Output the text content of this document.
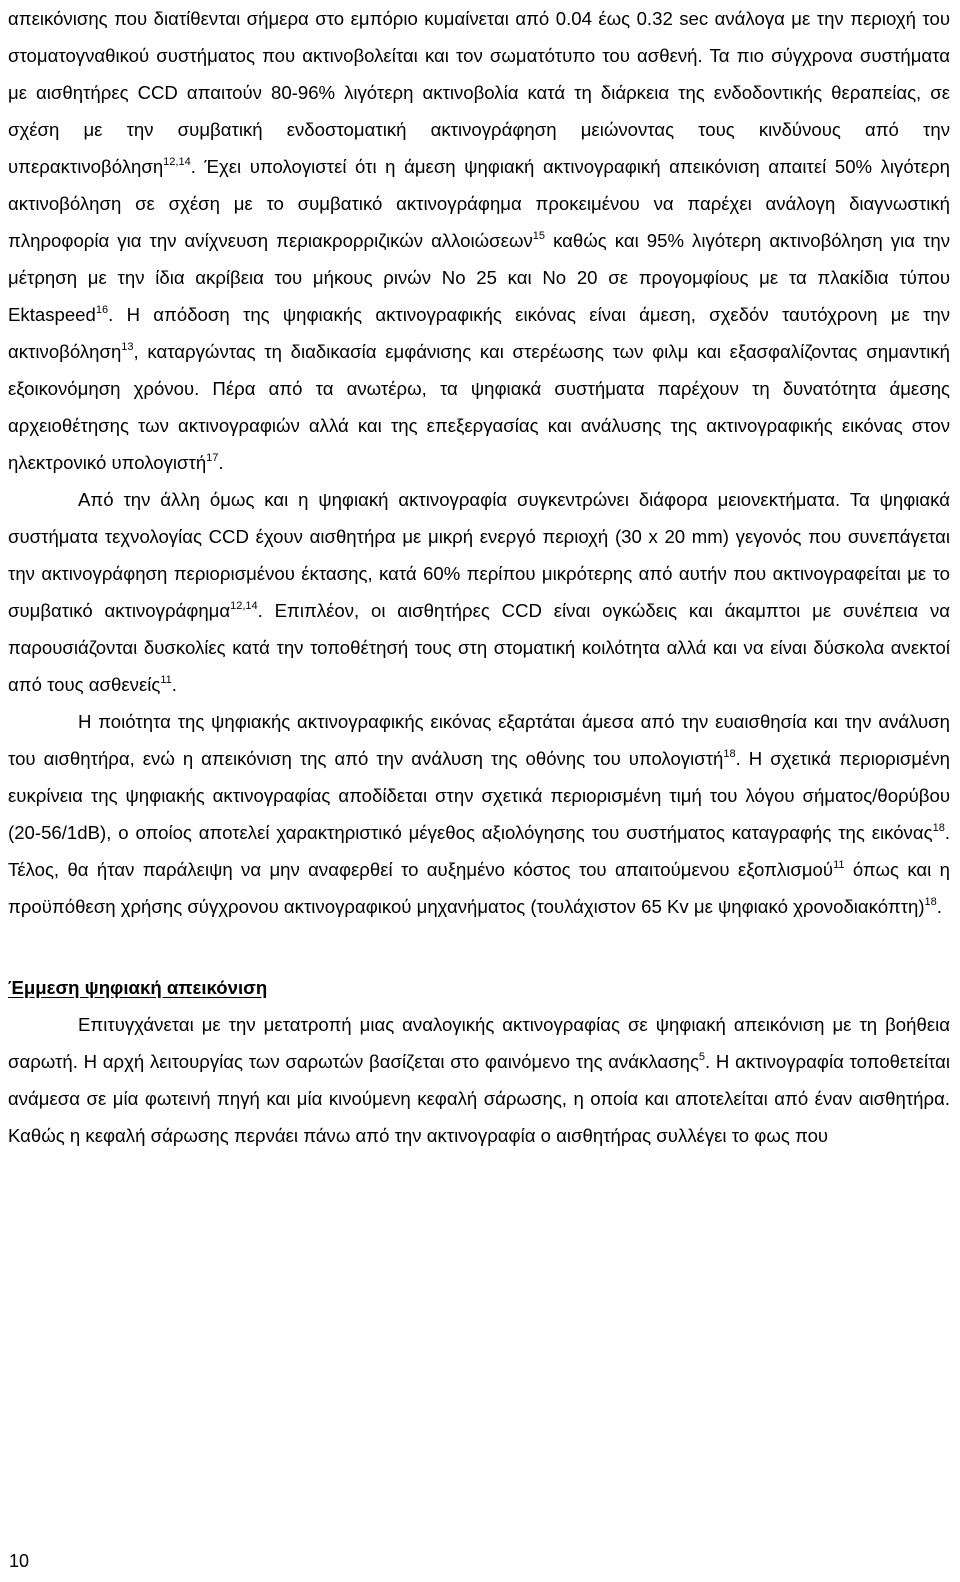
απεικόνισης που διατίθενται σήμερα στο εμπόριο κυμαίνεται από 0.04 έως 0.32 sec ανάλογα με την περιοχή του στοματογναθικού συστήματος που ακτινοβολείται και τον σωματότυπο του ασθενή. Τα πιο σύγχρονα συστήματα με αισθητήρες CCD απαιτούν 80-96% λιγότερη ακτινοβολία κατά τη διάρκεια της ενδοδοντικής θεραπείας, σε σχέση με την συμβατική ενδοστοματική ακτινογράφηση μειώνοντας τους κινδύνους από την υπερακτινοβόληση$^{12,14}$. Έχει υπολογιστεί ότι η άμεση ψηφιακή ακτινογραφική απεικόνιση απαιτεί 50% λιγότερη ακτινοβόληση σε σχέση με το συμβατικό ακτινογράφημα προκειμένου να παρέχει ανάλογη διαγνωστική πληροφορία για την ανίχνευση περιακρορριζικών αλλοιώσεων$^{15}$ καθώς και 95% λιγότερη ακτινοβόληση για την μέτρηση με την ίδια ακρίβεια του μήκους ρινών No 25 και No 20 σε προγομφίους με τα πλακίδια τύπου Ektaspeed$^{16}$. Η απόδοση της ψηφιακής ακτινογραφικής εικόνας είναι άμεση, σχεδόν ταυτόχρονη με την ακτινοβόληση$^{13}$, καταργώντας τη διαδικασία εμφάνισης και στερέωσης των φιλμ και εξασφαλίζοντας σημαντική εξοικονόμηση χρόνου. Πέρα από τα ανωτέρω, τα ψηφιακά συστήματα παρέχουν τη δυνατότητα άμεσης αρχειοθέτησης των ακτινογραφιών αλλά και της επεξεργασίας και ανάλυσης της ακτινογραφικής εικόνας στον ηλεκτρονικό υπολογιστή$^{17}$.

Από την άλλη όμως και η ψηφιακή ακτινογραφία συγκεντρώνει διάφορα μειονεκτήματα. Τα ψηφιακά συστήματα τεχνολογίας CCD έχουν αισθητήρα με μικρή ενεργό περιοχή (30 x 20 mm) γεγονός που συνεπάγεται την ακτινογράφηση περιορισμένου έκτασης, κατά 60% περίπου μικρότερης από αυτήν που ακτινογραφείται με το συμβατικό ακτινογράφημα$^{12,14}$. Επιπλέον, οι αισθητήρες CCD είναι ογκώδεις και άκαμπτοι με συνέπεια να παρουσιάζονται δυσκολίες κατά την τοποθέτησή τους στη στοματική κοιλότητα αλλά και να είναι δύσκολα ανεκτοί από τους ασθενείς$^{11}$.

Η ποιότητα της ψηφιακής ακτινογραφικής εικόνας εξαρτάται άμεσα από την ευαισθησία και την ανάλυση του αισθητήρα, ενώ η απεικόνιση της από την ανάλυση της οθόνης του υπολογιστή$^{18}$. Η σχετικά περιορισμένη ευκρίνεια της ψηφιακής ακτινογραφίας αποδίδεται στην σχετικά περιορισμένη τιμή του λόγου σήματος/θορύβου (20-56/1dB), ο οποίος αποτελεί χαρακτηριστικό μέγεθος αξιολόγησης του συστήματος καταγραφής της εικόνας$^{18}$. Τέλος, θα ήταν παράλειψη να μην αναφερθεί το αυξημένο κόστος του απαιτούμενου εξοπλισμού$^{11}$ όπως και η προϋπόθεση χρήσης σύγχρονου ακτινογραφικού μηχανήματος (τουλάχιστον 65 Kv με ψηφιακό χρονοδιακόπτη)$^{18}$.

Έμμεση ψηφιακή απεικόνιση

Επιτυγχάνεται με την μετατροπή μιας αναλογικής ακτινογραφίας σε ψηφιακή απεικόνιση με τη βοήθεια σαρωτή. Η αρχή λειτουργίας των σαρωτών βασίζεται στο φαινόμενο της ανάκλασης$^5$. Η ακτινογραφία τοποθετείται ανάμεσα σε μία φωτεινή πηγή και μία κινούμενη κεφαλή σάρωσης, η οποία και αποτελείται από έναν αισθητήρα. Καθώς η κεφαλή σάρωσης περνάει πάνω από την ακτινογραφία ο αισθητήρας συλλέγει το φως που

10
